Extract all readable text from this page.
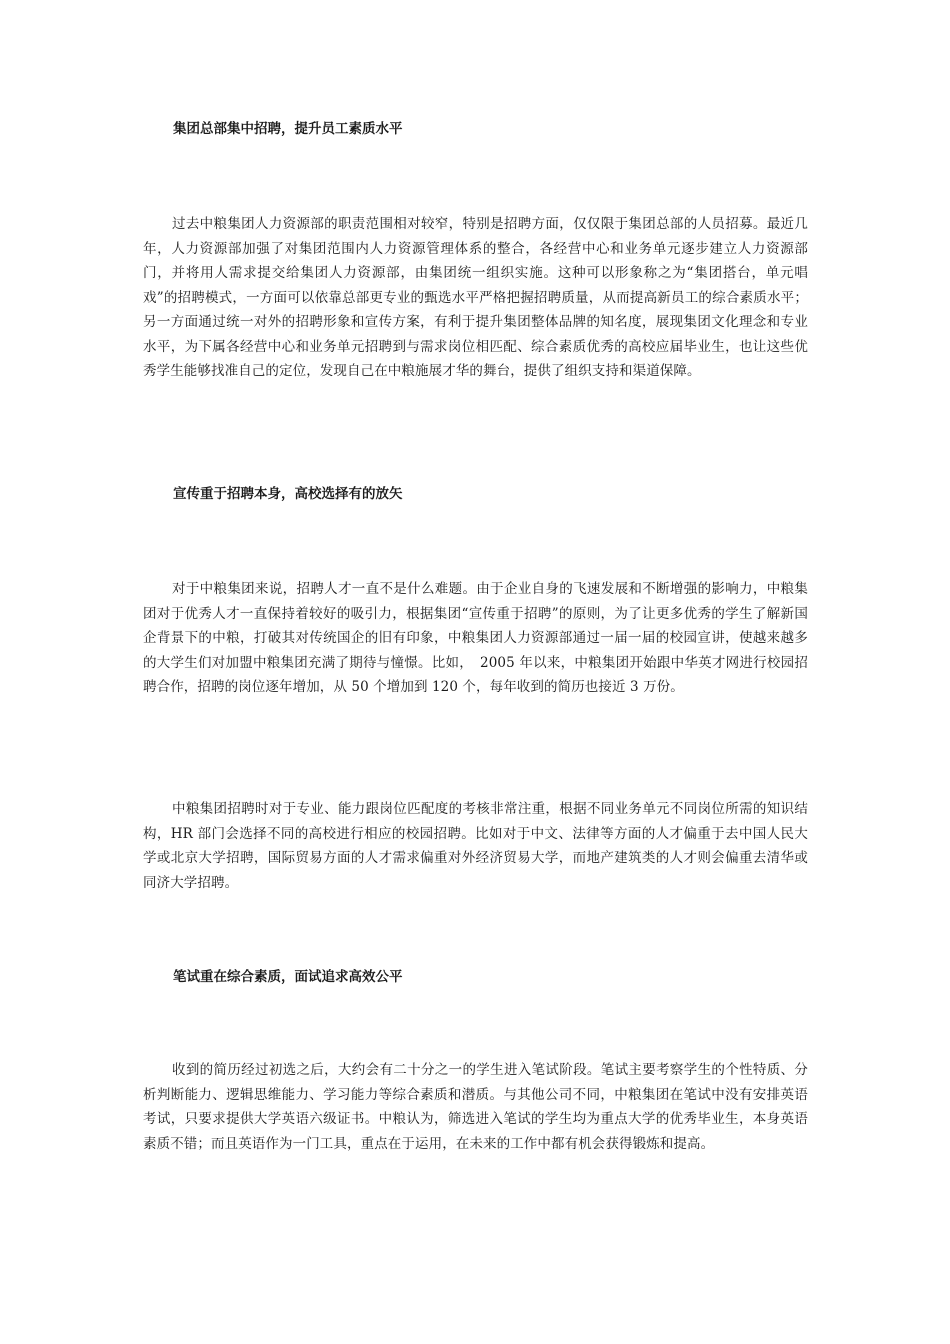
集团总部集中招聘，提升员工素质水平

过去中粮集团人力资源部的职责范围相对较窄，特别是招聘方面，仅仅限于集团总部的人员招募。最近几年，人力资源部加强了对集团范围内人力资源管理体系的整合，各经营中心和业务单元逐步建立人力资源部门，并将用人需求提交给集团人力资源部，由集团统一组织实施。这种可以形象称之为“集团搭台，单元唱戏”的招聘模式，一方面可以依靠总部更专业的甄选水平严格把握招聘质量，从而提高新员工的综合素质水平；另一方面通过统一对外的招聘形象和宣传方案，有利于提升集团整体品牌的知名度，展现集团文化理念和专业水平，为下属各经营中心和业务单元招聘到与需求岗位相匹配、综合素质优秀的高校应届毕业生，也让这些优秀学生能够找准自己的定位，发现自己在中粮施展才华的舞台，提供了组织支持和渠道保障。

宣传重于招聘本身，高校选择有的放矢

对于中粮集团来说，招聘人才一直不是什么难题。由于企业自身的飞速发展和不断增强的影响力，中粮集团对于优秀人才一直保持着较好的吸引力，根据集团“宣传重于招聘”的原则，为了让更多优秀的学生了解新国企背景下的中粮，打破其对传统国企的旧有印象，中粮集团人力资源部通过一届一届的校园宣讲，使越来越多的大学生们对加盟中粮集团充满了期待与憧憬。比如，　2005 年以来，中粮集团开始跟中华英才网进行校园招聘合作，招聘的岗位逐年增加，从 50 个增加到 120 个，每年收到的简历也接近 3 万份。

中粮集团招聘时对于专业、能力跟岗位匹配度的考核非常注重，根据不同业务单元不同岗位所需的知识结构，HR 部门会选择不同的高校进行相应的校园招聘。比如对于中文、法律等方面的人才偏重于去中国人民大学或北京大学招聘，国际贸易方面的人才需求偏重对外经济贸易大学，而地产建筑类的人才则会偏重去清华或同济大学招聘。

笔试重在综合素质，面试追求高效公平

收到的简历经过初选之后，大约会有二十分之一的学生进入笔试阶段。笔试主要考察学生的个性特质、分析判断能力、逻辑思维能力、学习能力等综合素质和潜质。与其他公司不同，中粮集团在笔试中没有安排英语考试，只要求提供大学英语六级证书。中粮认为，筛选进入笔试的学生均为重点大学的优秀毕业生，本身英语素质不错；而且英语作为一门工具，重点在于运用，在未来的工作中都有机会获得锻炼和提高。
